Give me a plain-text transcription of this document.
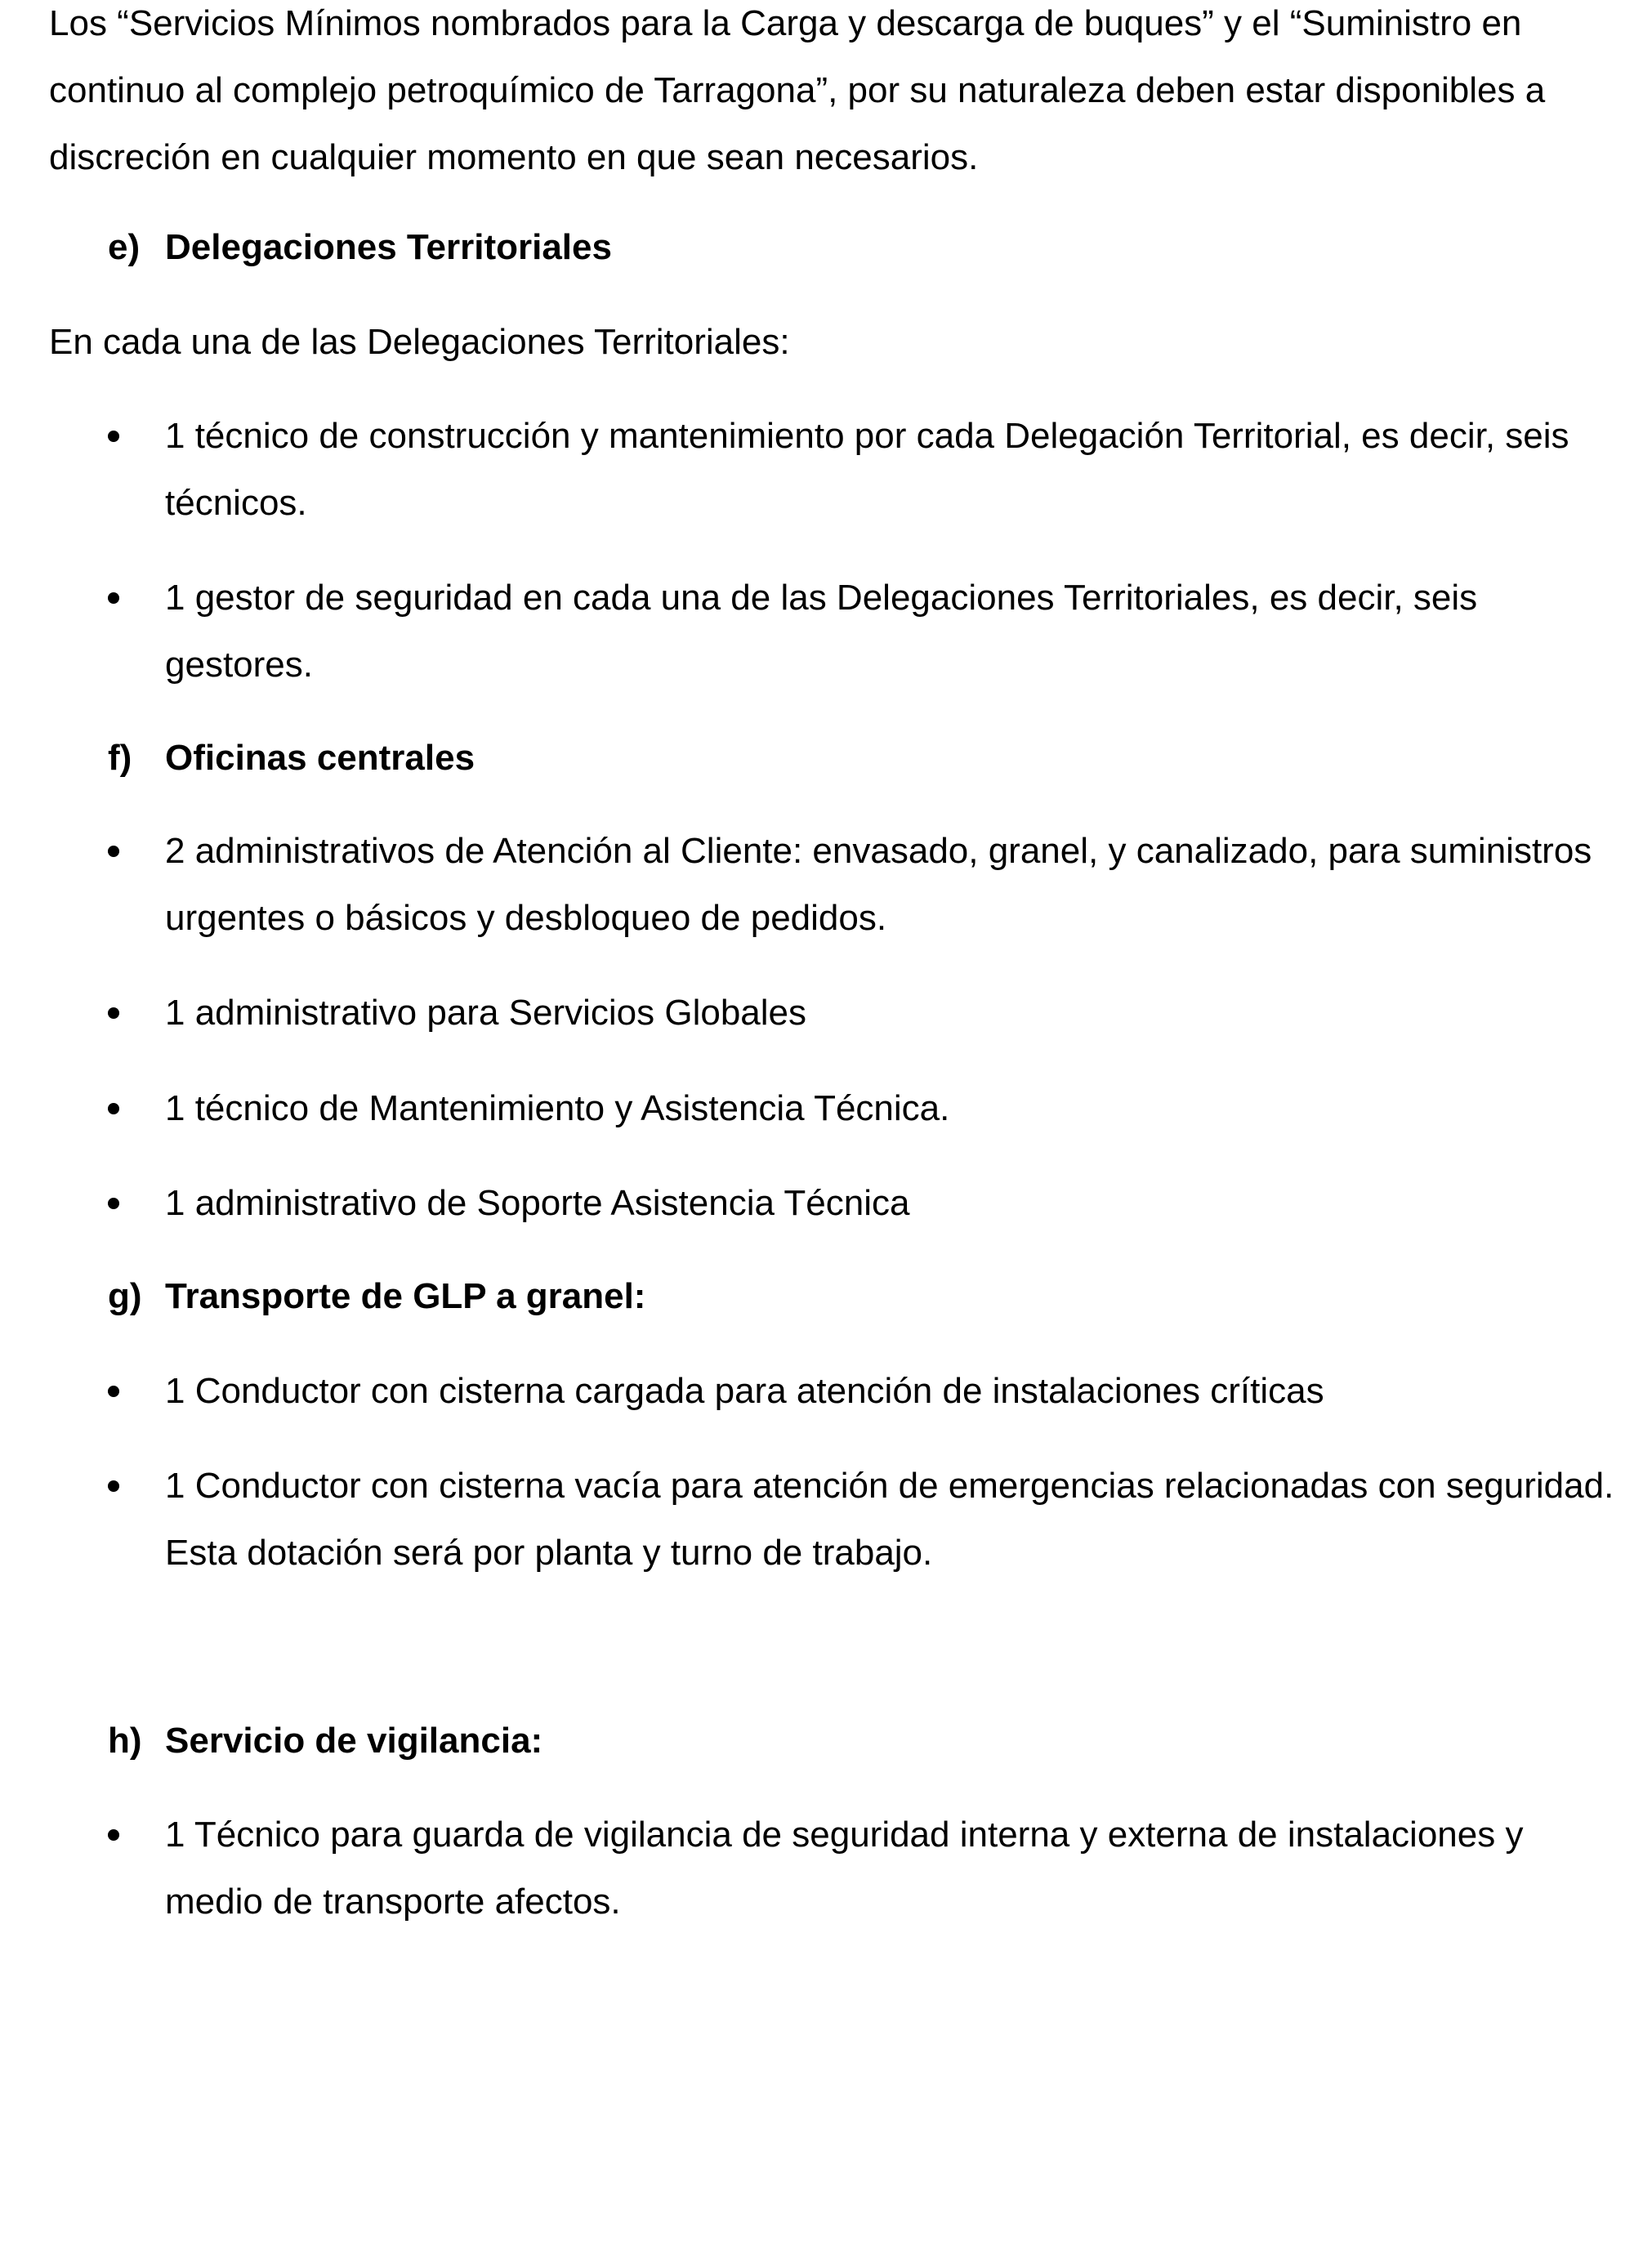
Los “Servicios Mínimos nombrados para la Carga y descarga de buques” y el “Suministro en continuo al complejo petroquímico de Tarragona”, por su naturaleza deben estar disponibles a discreción en cualquier momento en que sean necesarios.

e) Delegaciones Territoriales

En cada una de las Delegaciones Territoriales:

1 técnico de construcción y mantenimiento por cada Delegación Territorial, es decir, seis técnicos.
1 gestor de seguridad en cada una de las Delegaciones Territoriales, es decir, seis gestores.
f) Oficinas centrales
2 administrativos de Atención al Cliente: envasado, granel, y canalizado, para suministros urgentes o básicos y desbloqueo de pedidos.
1 administrativo para Servicios Globales
1 técnico de Mantenimiento y Asistencia Técnica.
1 administrativo de Soporte Asistencia Técnica
g) Transporte de GLP a granel:
1 Conductor con cisterna cargada para atención de instalaciones críticas
1 Conductor con cisterna vacía para atención de emergencias relacionadas con seguridad. Esta dotación será por planta y turno de trabajo.
h) Servicio de vigilancia:
1 Técnico para guarda de vigilancia de seguridad interna y externa de instalaciones y medio de transporte afectos.
